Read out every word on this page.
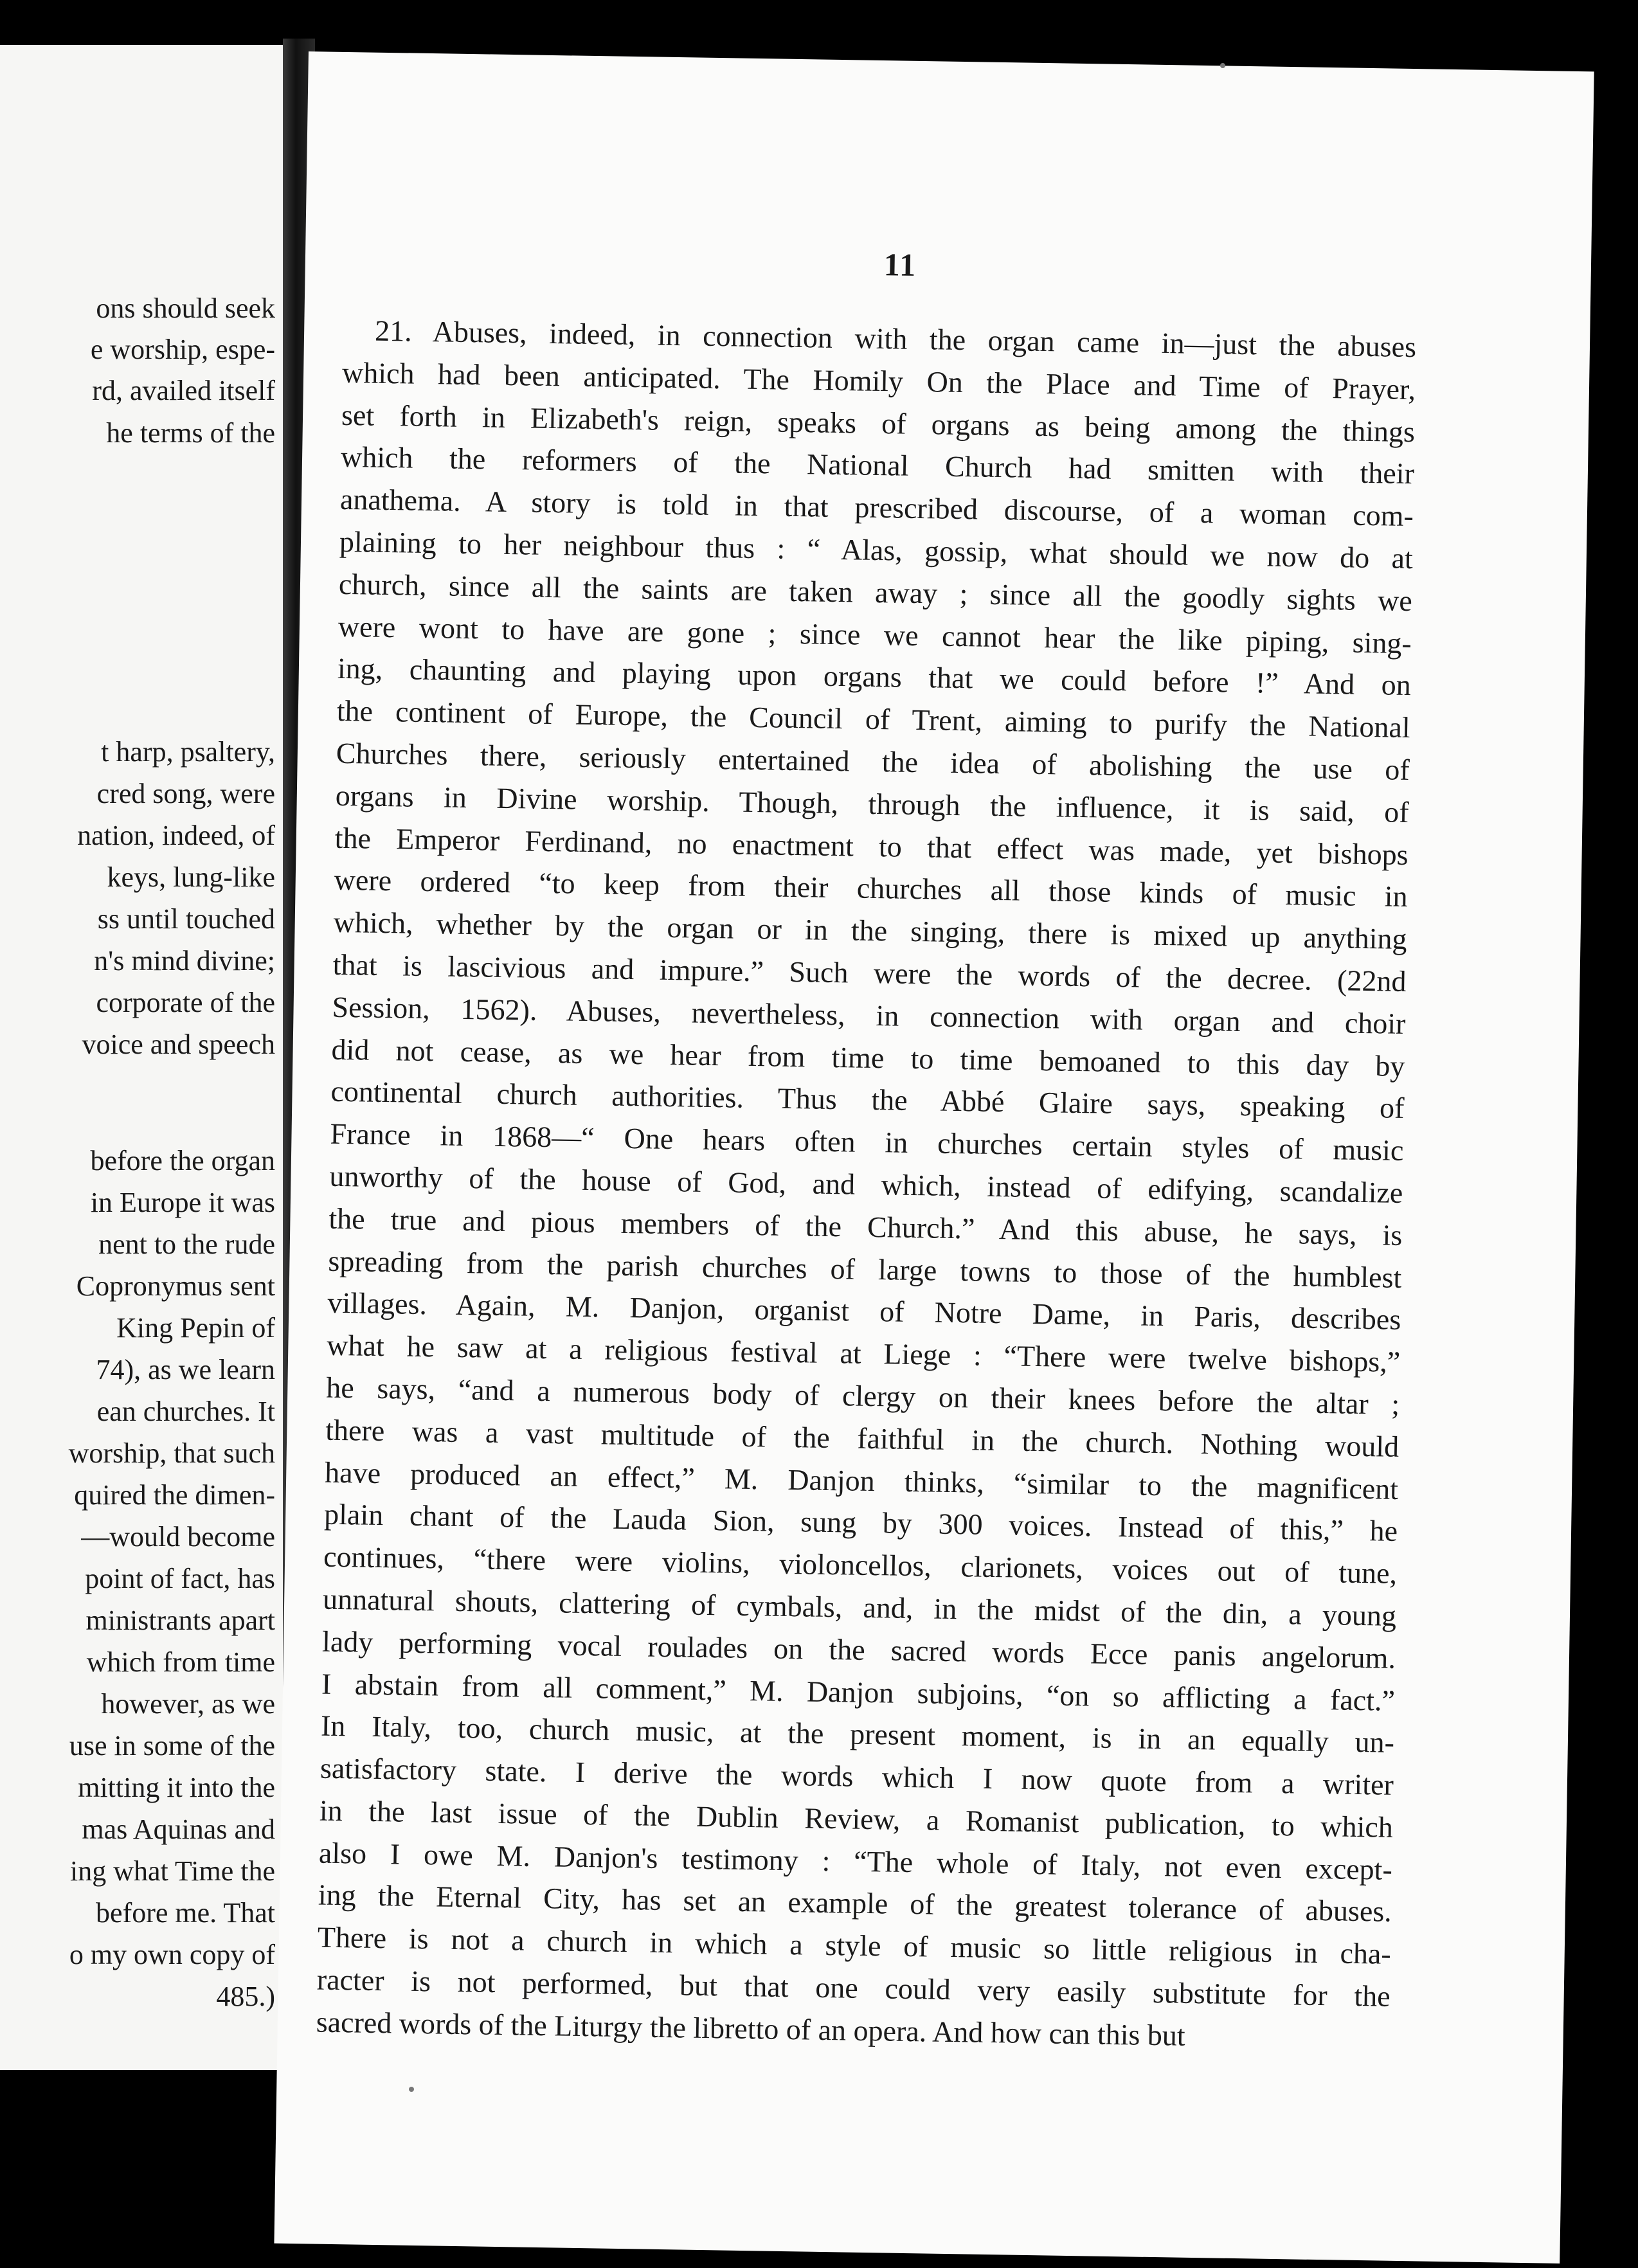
ons should seek
e worship, espe-
rd, availed itself
he terms of the
t harp, psaltery,
cred song, were
nation, indeed, of
keys, lung-like
ss until touched
n's mind divine;
corporate of the
voice and speech
before the organ
in Europe it was
nent to the rude
Copronymus sent
King Pepin of
74), as we learn
ean churches. It
worship, that such
quired the dimen-
—would become
point of fact, has
ministrants apart
which from time
however, as we
use in some of the
mitting it into the
mas Aquinas and
ing what Time the
before me. That
o my own copy of
485.)
11
21. Abuses, indeed, in connection with the organ came in—just the abuses
which had been anticipated. The Homily On the Place and Time of Prayer,
set forth in Elizabeth's reign, speaks of organs as being among the things
which the reformers of the National Church had smitten with their
anathema. A story is told in that prescribed discourse, of a woman com-
plaining to her neighbour thus : “ Alas, gossip, what should we now do at
church, since all the saints are taken away ; since all the goodly sights we
were wont to have are gone ; since we cannot hear the like piping, sing-
ing, chaunting and playing upon organs that we could before !” And on
the continent of Europe, the Council of Trent, aiming to purify the National
Churches there, seriously entertained the idea of abolishing the use of
organs in Divine worship. Though, through the influence, it is said, of
the Emperor Ferdinand, no enactment to that effect was made, yet bishops
were ordered “to keep from their churches all those kinds of music in
which, whether by the organ or in the singing, there is mixed up anything
that is lascivious and impure.” Such were the words of the decree. (22nd
Session, 1562). Abuses, nevertheless, in connection with organ and choir
did not cease, as we hear from time to time bemoaned to this day by
continental church authorities. Thus the Abbé Glaire says, speaking of
France in 1868—“ One hears often in churches certain styles of music
unworthy of the house of God, and which, instead of edifying, scandalize
the true and pious members of the Church.” And this abuse, he says, is
spreading from the parish churches of large towns to those of the humblest
villages. Again, M. Danjon, organist of Notre Dame, in Paris, describes
what he saw at a religious festival at Liege : “There were twelve bishops,”
he says, “and a numerous body of clergy on their knees before the altar ;
there was a vast multitude of the faithful in the church. Nothing would
have produced an effect,” M. Danjon thinks, “similar to the magnificent
plain chant of the Lauda Sion, sung by 300 voices. Instead of this,” he
continues, “there were violins, violoncellos, clarionets, voices out of tune,
unnatural shouts, clattering of cymbals, and, in the midst of the din, a young
lady performing vocal roulades on the sacred words Ecce panis angelorum.
I abstain from all comment,” M. Danjon subjoins, “on so afflicting a fact.”
In Italy, too, church music, at the present moment, is in an equally un-
satisfactory state. I derive the words which I now quote from a writer
in the last issue of the Dublin Review, a Romanist publication, to which
also I owe M. Danjon's testimony : “The whole of Italy, not even except-
ing the Eternal City, has set an example of the greatest tolerance of abuses.
There is not a church in which a style of music so little religious in cha-
racter is not performed, but that one could very easily substitute for the
sacred words of the Liturgy the libretto of an opera. And how can this but
